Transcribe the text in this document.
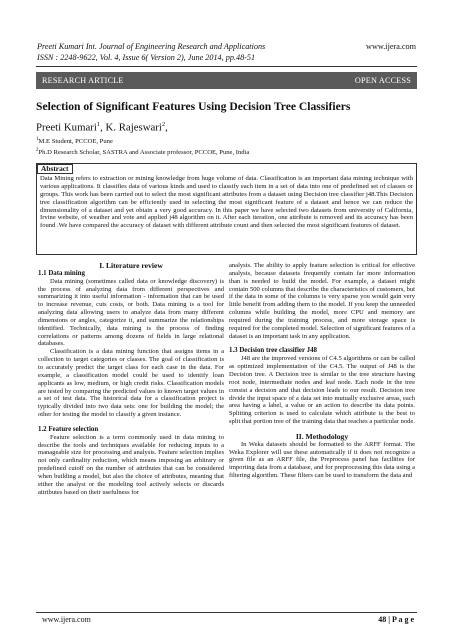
Preeti Kumari Int. Journal of Engineering Research and Applications
ISSN : 2248-9622, Vol. 4, Issue 6( Version 2), June 2014, pp.48-51
www.ijera.com
RESEARCH ARTICLE	OPEN ACCESS
Selection of Significant Features Using Decision Tree Classifiers
Preeti Kumari$^1$, K. Rajeswari$^2$,
$^1$M.E Student, PCCOE, Pune
$^2$Ph.D Research Scholar, SASTRA and Associate professor, PCCOE, Pune, India
Abstract

Data Mining refers to extraction or mining knowledge from huge volume of data. Classification is an important data mining technique with various applications. It classifies data of various kinds and used to classify each item in a set of data into one of predefined set of classes or groups. This work has been carried out to select the most significant attributes from a dataset using Decision tree classifier j48.This Decision tree classification algorithm can be efficiently used in selecting the most significant feature of a dataset and hence we can reduce the dimensionality of a dataset and yet obtain a very good accuracy. In this paper we have selected two datasets from university of California, Irvine website, of weather and vote and applied j48 algorithm on it. After each iteration, one attribute is removed and its accuracy has been found .We have compared the accuracy of dataset with different attribute count and then selected the most significant features of dataset.

I. Literature review

1.1 Data mining

Data mining (sometimes called data or knowledge discovery) is the process of analyzing data from different perspectives and summarizing it into useful information - information that can be used to increase revenue, cuts costs, or both. Data mining is a tool for analyzing data allowing users to analyze data from many different dimensions or angles, categorize it, and summarize the relationships identified. Technically, data mining is the process of finding correlations or patterns among dozens of fields in large relational databases.

Classification is a data mining function that assigns items in a collection to target categories or classes. The goal of classification is to accurately predict the target class for each case in the data. For example, a classification model could be used to identify loan applicants as low, medium, or high credit risks. Classification models are tested by comparing the predicted values to known target values in a set of test data. The historical data for a classification project is typically divided into two data sets: one for building the model; the other for testing the model to classify a given instance.

1.2 Feature selection

Feature selection is a term commonly used in data mining to describe the tools and techniques available for reducing inputs to a manageable size for processing and analysis. Feature selection implies not only cardinality reduction, which means imposing an arbitrary or predefined cutoff on the number of attributes that can be considered when building a model, but also the choice of attributes, meaning that either the analyst or the modeling tool actively selects or discards attributes based on their usefulness for

analysis. The ability to apply feature selection is critical for effective analysis, because datasets frequently contain far more information than is needed to build the model. For example, a dataset might contain 500 columns that describe the characteristics of customers, but if the data in some of the columns is very sparse you would gain very little benefit from adding them to the model. If you keep the unneeded columns while building the model, more CPU and memory are required during the training process, and more storage space is required for the completed model. Selection of significant features of a dataset is an important task in any application.

1.3 Decision tree classifier J48

J48 are the improved versions of C4.5 algorithms or can be called as optimized implementation of the C4.5. The output of J48 is the Decision tree. A Decision tree is similar to the tree structure having root node, intermediate nodes and leaf node. Each node in the tree consist a decision and that decision leads to our result. Decision tree divide the input space of a data set into mutually exclusive areas, each area having a label, a value or an action to describe its data points. Splitting criterion is used to calculate which attribute is the best to split that portion tree of the training data that reaches a particular node.

II. Methodology

In Weka datasets should be formatted to the ARFF format. The Weka Explorer will use these automatically if it does not recognize a given file as an ARFF file, the Preprocess panel has facilities for importing data from a database, and for preprocessing this data using a filtering algorithm. These filters can be used to transform the data and

www.ijera.com	48 | P a g e
